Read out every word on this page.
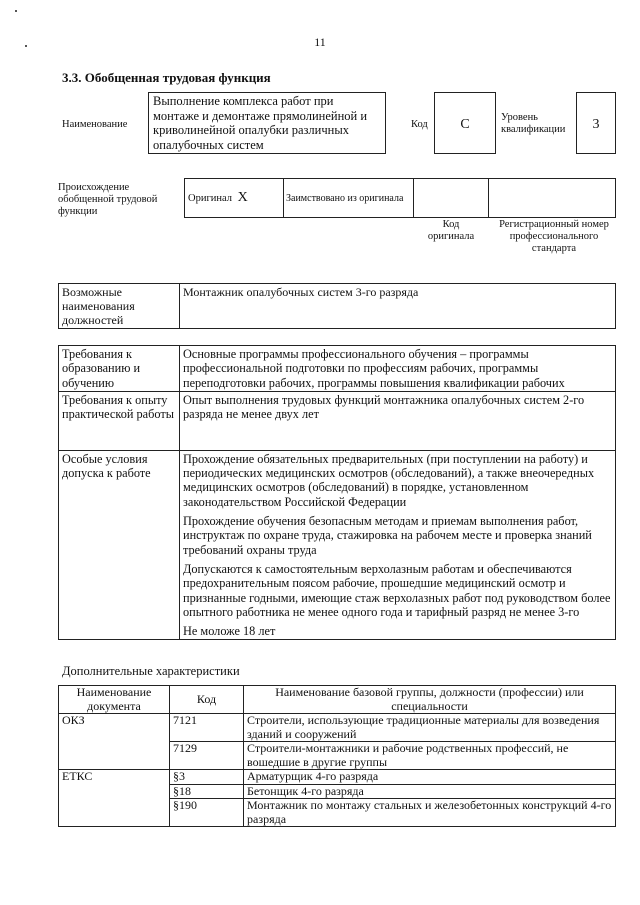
11
3.3. Обобщенная трудовая функция
Наименование
Выполнение комплекса работ при монтаже и демонтаже прямолинейной и криволинейной опалубки различных опалубочных систем
Код	C	Уровень квалификации	3
Происхождение обобщенной трудовой функции
Оригинал X	Заимствовано из оригинала
Код оригинала
Регистрационный номер профессионального стандарта
Возможные наименования должностей	Монтажник опалубочных систем 3-го разряда
Требования к образованию и обучению	Основные программы профессионального обучения – программы профессиональной подготовки по профессиям рабочих, программы переподготовки рабочих, программы повышения квалификации рабочих

Требования к опыту практической работы	Опыт выполнения трудовых функций монтажника опалубочных систем 2-го разряда не менее двух лет

Особые условия допуска к работе	Прохождение обязательных предварительных (при поступлении на работу) и периодических медицинских осмотров (обследований), а также внеочередных медицинских осмотров (обследований) в порядке, установленном законодательством Российской Федерации

Прохождение обучения безопасным методам и приемам выполнения работ, инструктаж по охране труда, стажировка на рабочем месте и проверка знаний требований охраны труда

Допускаются к самостоятельным верхолазным работам и обеспечиваются предохранительным поясом рабочие, прошедшие медицинский осмотр и признанные годными, имеющие стаж верхолазных работ под руководством более опытного работника не менее одного года и тарифный разряд не менее 3-го

Не моложе 18 лет

Дополнительные характеристики
Наименование документа	Код	Наименование базовой группы, должности (профессии) или специальности
ОКЗ	7121	Строители, использующие традиционные материалы для возведения зданий и сооружений
	7129	Строители-монтажники и рабочие родственных профессий, не вошедшие в другие группы
ЕТКС	§3	Арматурщик 4-го разряда
	§18	Бетонщик 4-го разряда
	§190	Монтажник по монтажу стальных и железобетонных конструкций 4-го разряда
